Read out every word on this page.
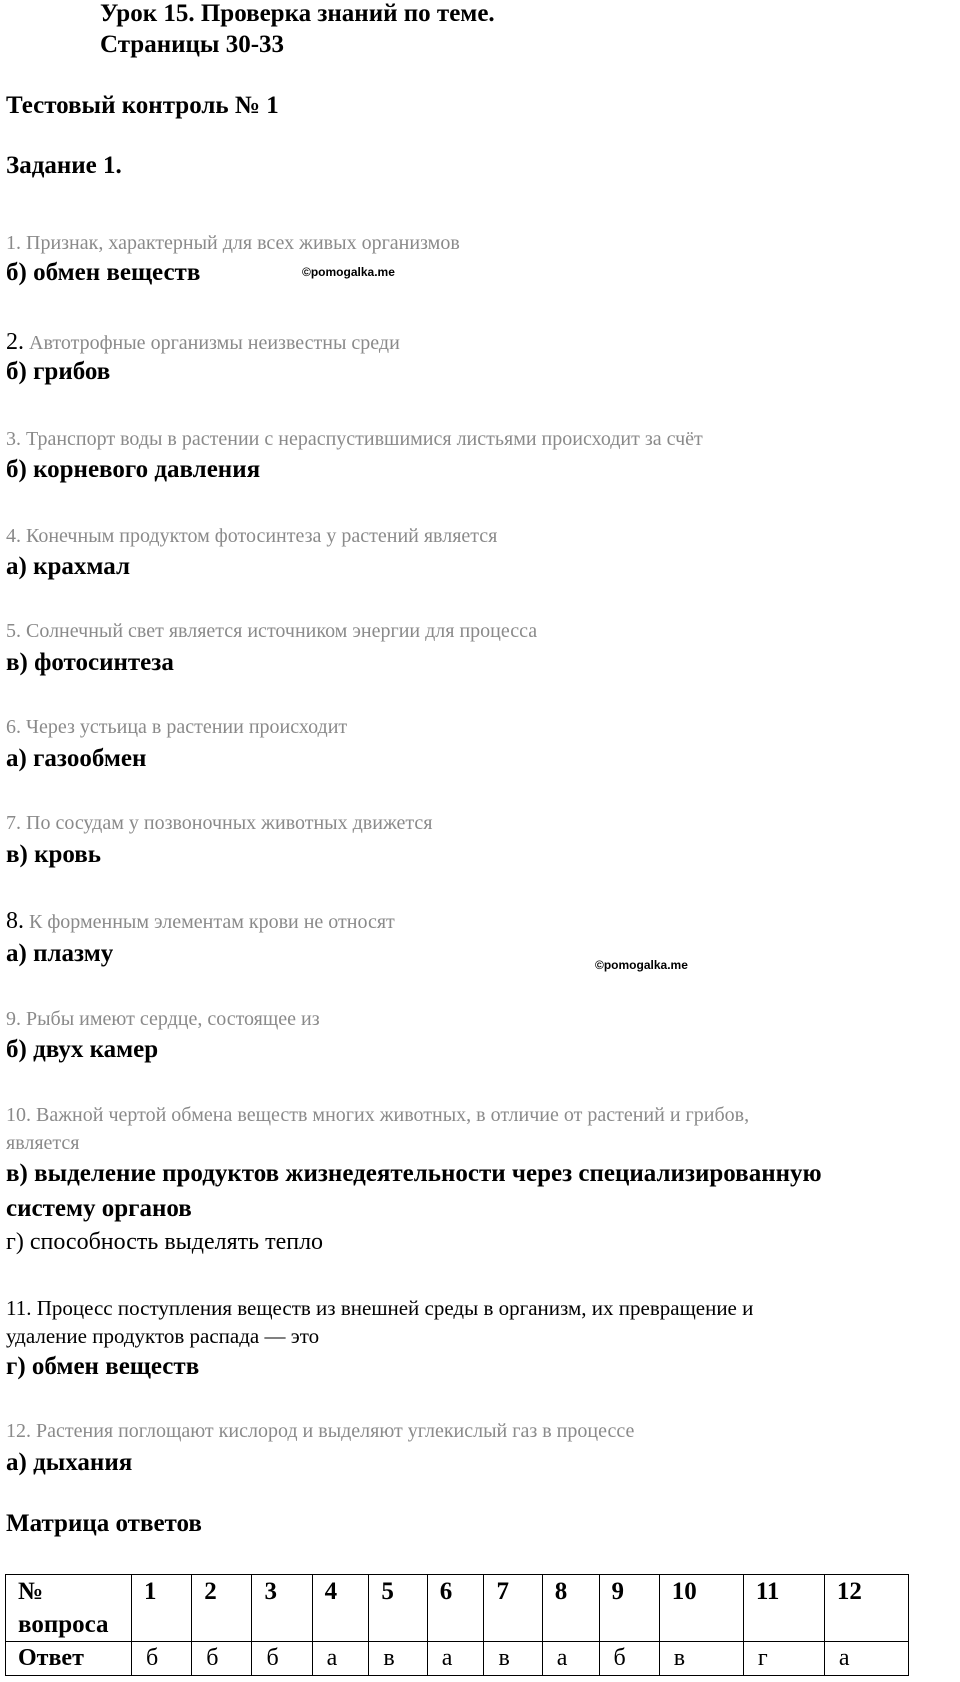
Урок 15. Проверка знаний по теме.
Страницы 30-33
Тестовый контроль № 1
Задание 1.
1. Признак, характерный для всех живых организмов
б) обмен веществ	©pomogalka.me
2. Автотрофные организмы неизвестны среди
б) грибов
3. Транспорт воды в растении с нераспустившимися листьями происходит за счёт
б) корневого давления
4. Конечным продуктом фотосинтеза у растений является
а) крахмал
5. Солнечный свет является источником энергии для процесса
в) фотосинтеза
6. Через устьица в растении происходит
а) газообмен
7. По сосудам у позвоночных животных движется
в) кровь
8. К форменным элементам крови не относят
а) плазму	©pomogalka.me
9. Рыбы имеют сердце, состоящее из
б) двух камер
10. Важной чертой обмена веществ многих животных, в отличие от растений и грибов,
является
в) выделение продуктов жизнедеятельности через специализированную
систему органов
г) способность выделять тепло
11. Процесс поступления веществ из внешней среды в организм, их превращение и
удаление продуктов распада — это
г) обмен веществ
12. Растения поглощают кислород и выделяют углекислый газ в процессе
а) дыхания
Матрица ответов
№
вопроса	1	2	3	4	5	6	7	8	9	10	11	12
Ответ	б	б	б	а	в	а	в	а	б	в	г	а
